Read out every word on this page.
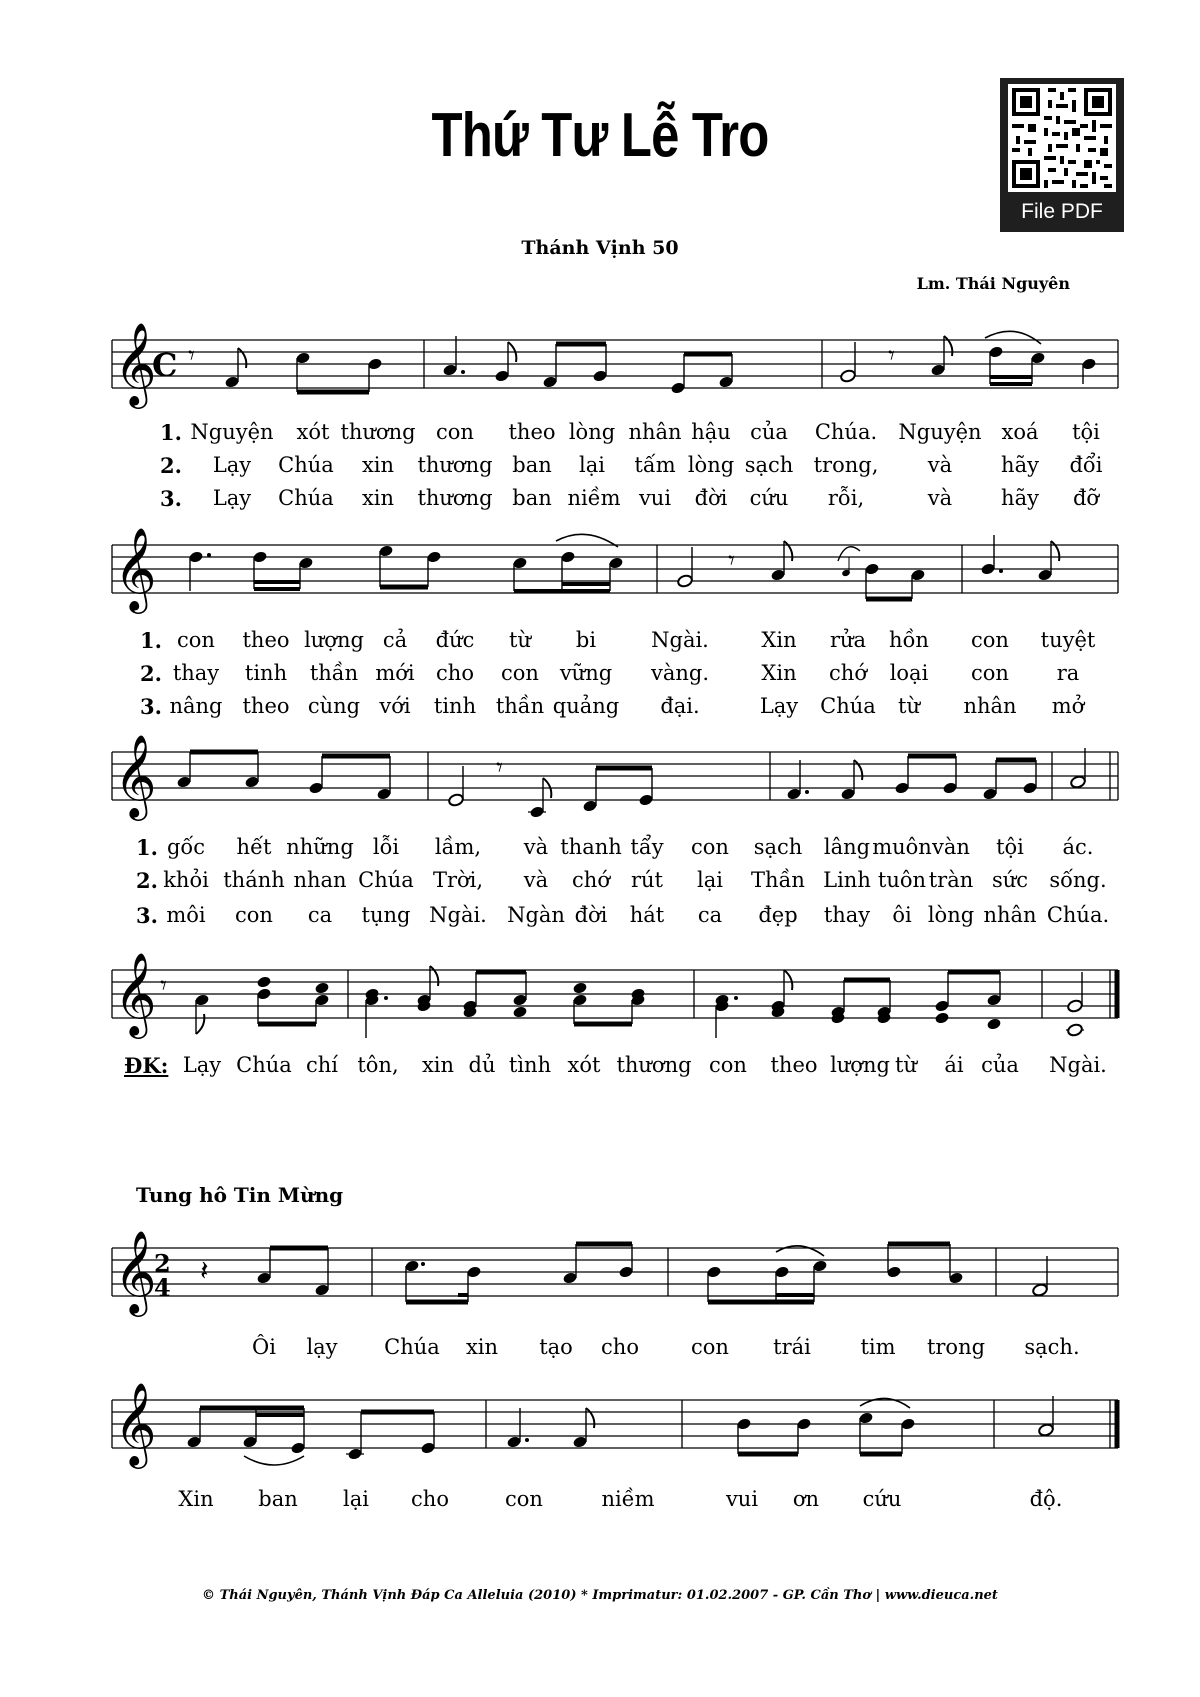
Thứ Tư Lễ Tro
Thánh Vịnh 50
Lm. Thái Nguyên
File PDF
𝄞
C 𝄾	𝄾
1. Nguyện xót thương con theo lòng nhân hậu của Chúa. Nguyện xoá tội
2. Lạy Chúa xin thương ban lại tấm lòng sạch trong, và hãy đổi
3. Lạy Chúa xin thương ban niềm vui đời cứu rỗi,	và hãy đỡ
𝄞	𝄾
1. con theo lượng cả đức từ bi	Ngài.	Xin rửa hồn con tuyệt
2. thay tinh thần mới cho con vững vàng. Xin chớ loại con ra
3. nâng theo cùng với tinh thần quảng đại.	Lạy Chúa từ nhân mở
𝄞	𝄾
1. gốc hết những lỗi lầm, và thanh tẩy con sạch lâng muôn vàn tội ác.
2. khỏi thánh nhan Chúa Trời, và chớ rút lại Thần Linh tuôn tràn sức sống.
3. môi con ca tụng Ngài. Ngàn đời hát ca đẹp thay ôi lòng nhân Chúa.
𝄞 𝄾
ĐK: Lạy Chúa chí tôn, xin dủ tình xót thương con theo lượng từ ái của Ngài.
Tung hô Tin Mừng
𝄞
2
4
𝄽
Ôi lạy Chúa xin tạo cho con trái tim trong sạch.
𝄞
Xin ban lại cho	con	niềm	vui ơn cứu	độ.
© Thái Nguyên, Thánh Vịnh Đáp Ca Alleluia (2010) * Imprimatur: 01.02.2007 - GP. Cần Thơ | www.dieuca.net
